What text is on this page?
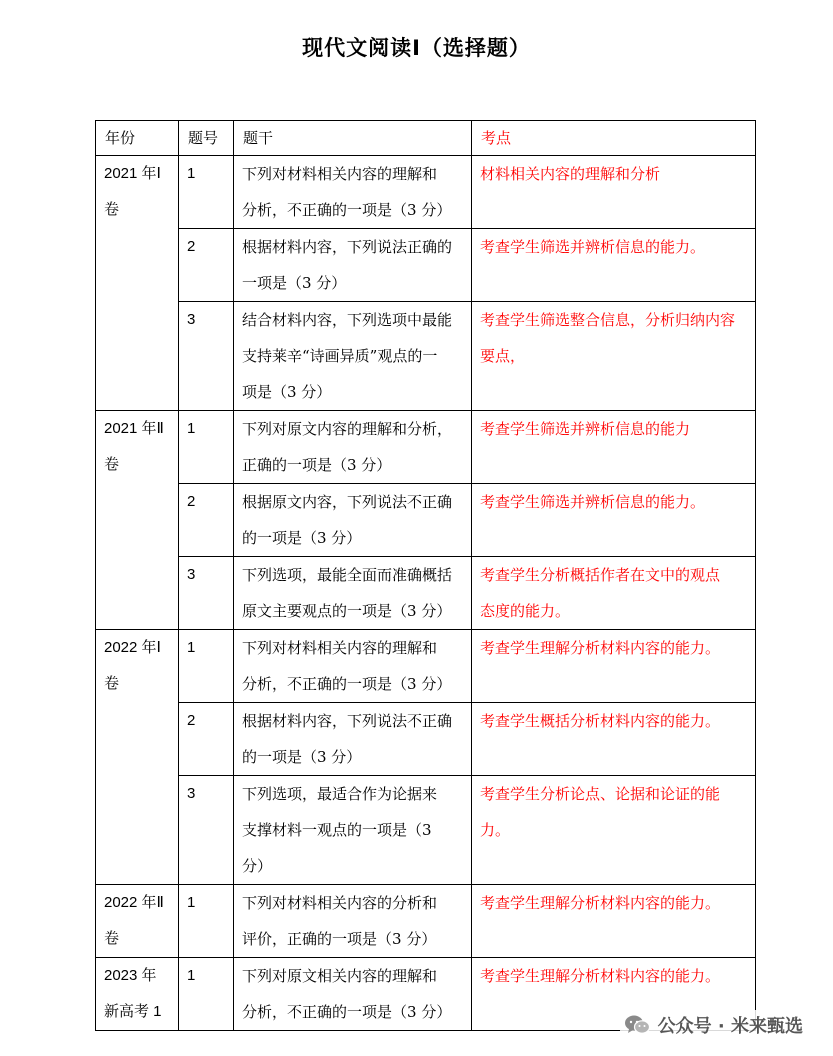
现代文阅读Ⅰ（选择题）
年份	题号	题干	考点

2021 年Ⅰ
卷	1	下列对材料相关内容的理解和
分析，不正确的一项是（3 分）	材料相关内容的理解和分析

	2	根据材料内容，下列说法正确的
一项是（3 分）	考查学生筛选并辨析信息的能力。

	3	结合材料内容，下列选项中最能
支持莱辛“诗画异质”观点的一
项是（3 分）	考查学生筛选整合信息，分析归纳内容
要点，

2021 年Ⅱ
卷	1	下列对原文内容的理解和分析，
正确的一项是（3 分）	考查学生筛选并辨析信息的能力

	2	根据原文内容，下列说法不正确
的一项是（3 分）	考查学生筛选并辨析信息的能力。

	3	下列选项，最能全面而准确概括
原文主要观点的一项是（3 分）	考查学生分析概括作者在文中的观点
态度的能力。

2022 年Ⅰ
卷	1	下列对材料相关内容的理解和
分析，不正确的一项是（3 分）	考查学生理解分析材料内容的能力。

	2	根据材料内容，下列说法不正确
的一项是（3 分）	考查学生概括分析材料内容的能力。

	3	下列选项，最适合作为论据来
支撑材料一观点的一项是（3
分）	考查学生分析论点、论据和论证的能
力。

2022 年Ⅱ
卷	1	下列对材料相关内容的分析和
评价，正确的一项是（3 分）	考查学生理解分析材料内容的能力。

2023 年
新高考 1	1	下列对原文相关内容的理解和
分析，不正确的一项是（3 分）	考查学生理解分析材料内容的能力。
公众号 · 米来甄选
